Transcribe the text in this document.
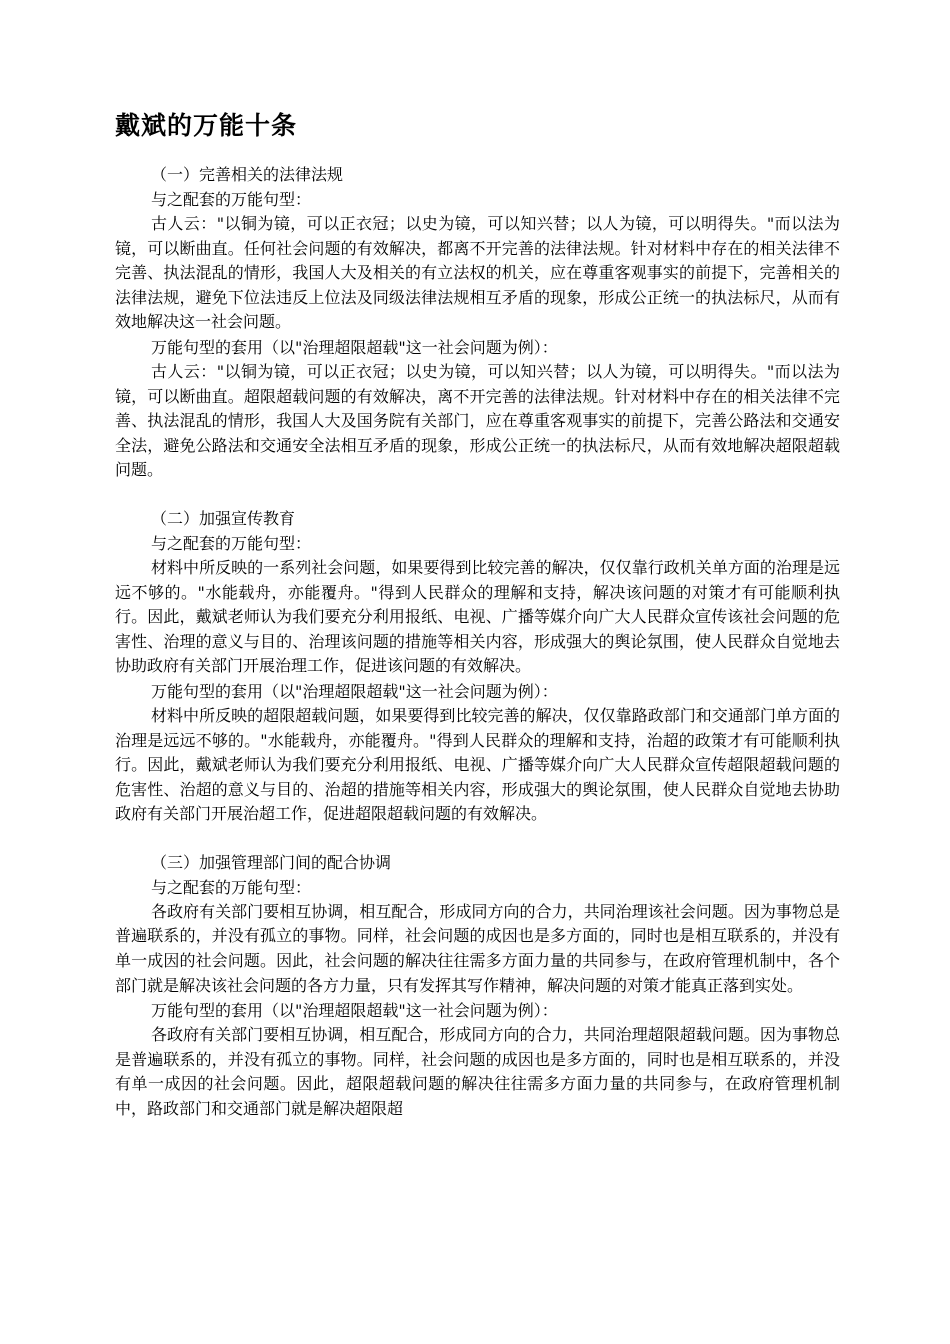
戴斌的万能十条

（一）完善相关的法律法规

与之配套的万能句型：

古人云："以铜为镜，可以正衣冠；以史为镜，可以知兴替；以人为镜，可以明得失。"而以法为镜，可以断曲直。任何社会问题的有效解决，都离不开完善的法律法规。针对材料中存在的相关法律不完善、执法混乱的情形，我国人大及相关的有立法权的机关，应在尊重客观事实的前提下，完善相关的法律法规，避免下位法违反上位法及同级法律法规相互矛盾的现象，形成公正统一的执法标尺，从而有效地解决这一社会问题。

万能句型的套用（以"治理超限超载"这一社会问题为例）：

古人云："以铜为镜，可以正衣冠；以史为镜，可以知兴替；以人为镜，可以明得失。"而以法为镜，可以断曲直。超限超载问题的有效解决，离不开完善的法律法规。针对材料中存在的相关法律不完善、执法混乱的情形，我国人大及国务院有关部门，应在尊重客观事实的前提下，完善公路法和交通安全法，避免公路法和交通安全法相互矛盾的现象，形成公正统一的执法标尺，从而有效地解决超限超载问题。

（二）加强宣传教育

与之配套的万能句型：

材料中所反映的一系列社会问题，如果要得到比较完善的解决，仅仅靠行政机关单方面的治理是远远不够的。"水能载舟，亦能覆舟。"得到人民群众的理解和支持，解决该问题的对策才有可能顺利执行。因此，戴斌老师认为我们要充分利用报纸、电视、广播等媒介向广大人民群众宣传该社会问题的危害性、治理的意义与目的、治理该问题的措施等相关内容，形成强大的舆论氛围，使人民群众自觉地去协助政府有关部门开展治理工作，促进该问题的有效解决。

万能句型的套用（以"治理超限超载"这一社会问题为例）：

材料中所反映的超限超载问题，如果要得到比较完善的解决，仅仅靠路政部门和交通部门单方面的治理是远远不够的。"水能载舟，亦能覆舟。"得到人民群众的理解和支持，治超的政策才有可能顺利执行。因此，戴斌老师认为我们要充分利用报纸、电视、广播等媒介向广大人民群众宣传超限超载问题的危害性、治超的意义与目的、治超的措施等相关内容，形成强大的舆论氛围，使人民群众自觉地去协助政府有关部门开展治超工作，促进超限超载问题的有效解决。

（三）加强管理部门间的配合协调

与之配套的万能句型：

各政府有关部门要相互协调，相互配合，形成同方向的合力，共同治理该社会问题。因为事物总是普遍联系的，并没有孤立的事物。同样，社会问题的成因也是多方面的，同时也是相互联系的，并没有单一成因的社会问题。因此，社会问题的解决往往需多方面力量的共同参与，在政府管理机制中，各个部门就是解决该社会问题的各方力量，只有发挥其写作精神，解决问题的对策才能真正落到实处。

万能句型的套用（以"治理超限超载"这一社会问题为例）：

各政府有关部门要相互协调，相互配合，形成同方向的合力，共同治理超限超载问题。因为事物总是普遍联系的，并没有孤立的事物。同样，社会问题的成因也是多方面的，同时也是相互联系的，并没有单一成因的社会问题。因此，超限超载问题的解决往往需多方面力量的共同参与，在政府管理机制中，路政部门和交通部门就是解决超限超
